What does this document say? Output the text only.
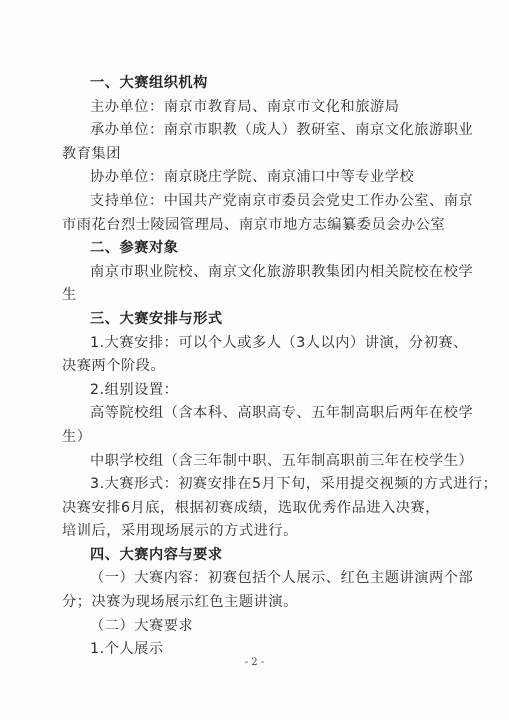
一、大赛组织机构
主办单位：南京市教育局、南京市文化和旅游局
承办单位：南京市职教（成人）教研室、南京文化旅游职业
教育集团
协办单位：南京晓庄学院、南京浦口中等专业学校
支持单位：中国共产党南京市委员会党史工作办公室、南京
市雨花台烈士陵园管理局、南京市地方志编纂委员会办公室
二、参赛对象
南京市职业院校、南京文化旅游职教集团内相关院校在校学
生
三、大赛安排与形式
1.大赛安排：可以个人或多人（3人以内）讲演，分初赛、
决赛两个阶段。
2.组别设置：
高等院校组（含本科、高职高专、五年制高职后两年在校学
生）
中职学校组（含三年制中职、五年制高职前三年在校学生）
3.大赛形式：初赛安排在5月下旬，采用提交视频的方式进行；
决赛安排6月底，根据初赛成绩，选取优秀作品进入决赛，
培训后，采用现场展示的方式进行。
四、大赛内容与要求
（一）大赛内容：初赛包括个人展示、红色主题讲演两个部
分；决赛为现场展示红色主题讲演。
（二）大赛要求
1.个人展示
- 2 -
